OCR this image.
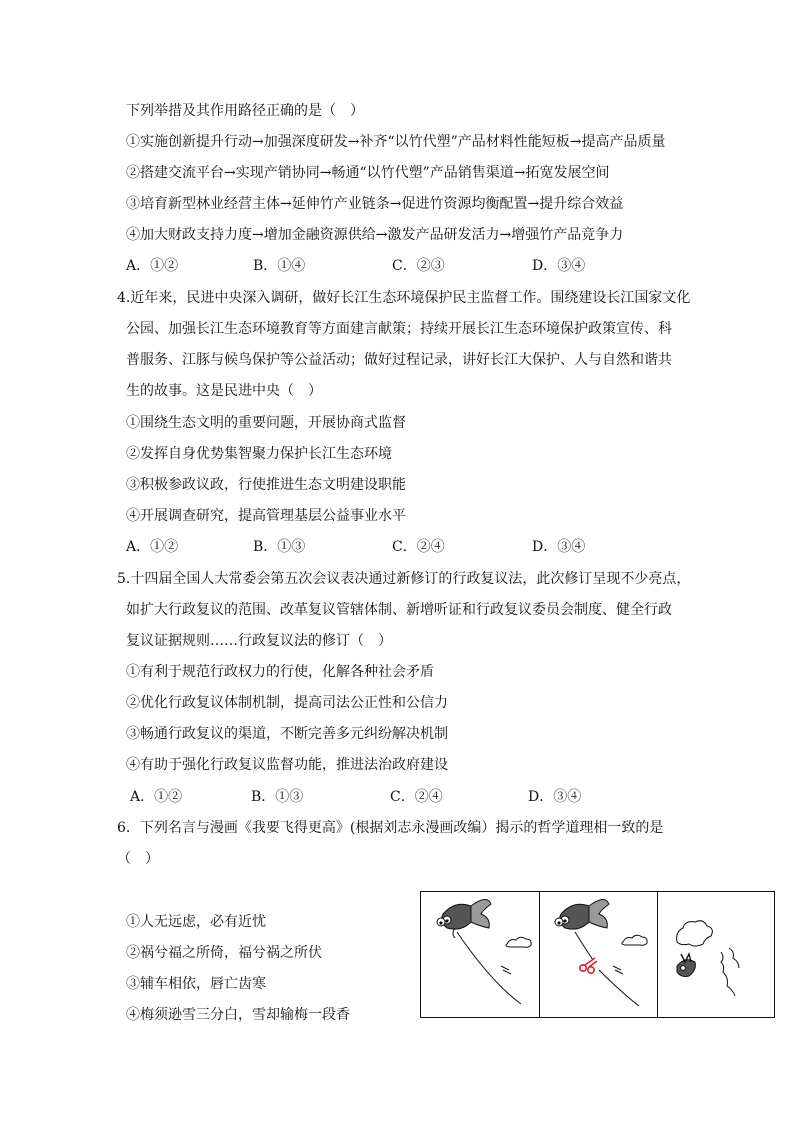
下列举措及其作用路径正确的是（　）
①实施创新提升行动→加强深度研发→补齐“以竹代塑”产品材料性能短板→提高产品质量
②搭建交流平台→实现产销协同→畅通“以竹代塑”产品销售渠道→拓宽发展空间
③培育新型林业经营主体→延伸竹产业链条→促进竹资源均衡配置→提升综合效益
④加大财政支持力度→增加金融资源供给→激发产品研发活力→增强竹产品竞争力
A．①②	B．①④	C．②③	D．③④
4.近年来，民进中央深入调研，做好长江生态环境保护民主监督工作。围绕建设长江国家文化
公园、加强长江生态环境教育等方面建言献策；持续开展长江生态环境保护政策宣传、科
普服务、江豚与候鸟保护等公益活动；做好过程记录，讲好长江大保护、人与自然和谐共
生的故事。这是民进中央（　）
①围绕生态文明的重要问题，开展协商式监督
②发挥自身优势集智聚力保护长江生态环境
③积极参政议政，行使推进生态文明建设职能
④开展调查研究，提高管理基层公益事业水平
A．①②	B．①③	C．②④	D．③④
5.十四届全国人大常委会第五次会议表决通过新修订的行政复议法，此次修订呈现不少亮点，
如扩大行政复议的范围、改革复议管辖体制、新增听证和行政复议委员会制度、健全行政
复议证据规则……行政复议法的修订（　）
①有利于规范行政权力的行使，化解各种社会矛盾
②优化行政复议体制机制，提高司法公正性和公信力
③畅通行政复议的渠道，不断完善多元纠纷解决机制
④有助于强化行政复议监督功能，推进法治政府建设
A．①②	B．①③	C．②④	D．③④
6．下列名言与漫画《我要飞得更高》(根据刘志永漫画改编）揭示的哲学道理相一致的是
（　）
①人无远虑，必有近忧
②祸兮福之所倚，福兮祸之所伏
③辅车相依，唇亡齿寒
④梅须逊雪三分白，雪却输梅一段香
